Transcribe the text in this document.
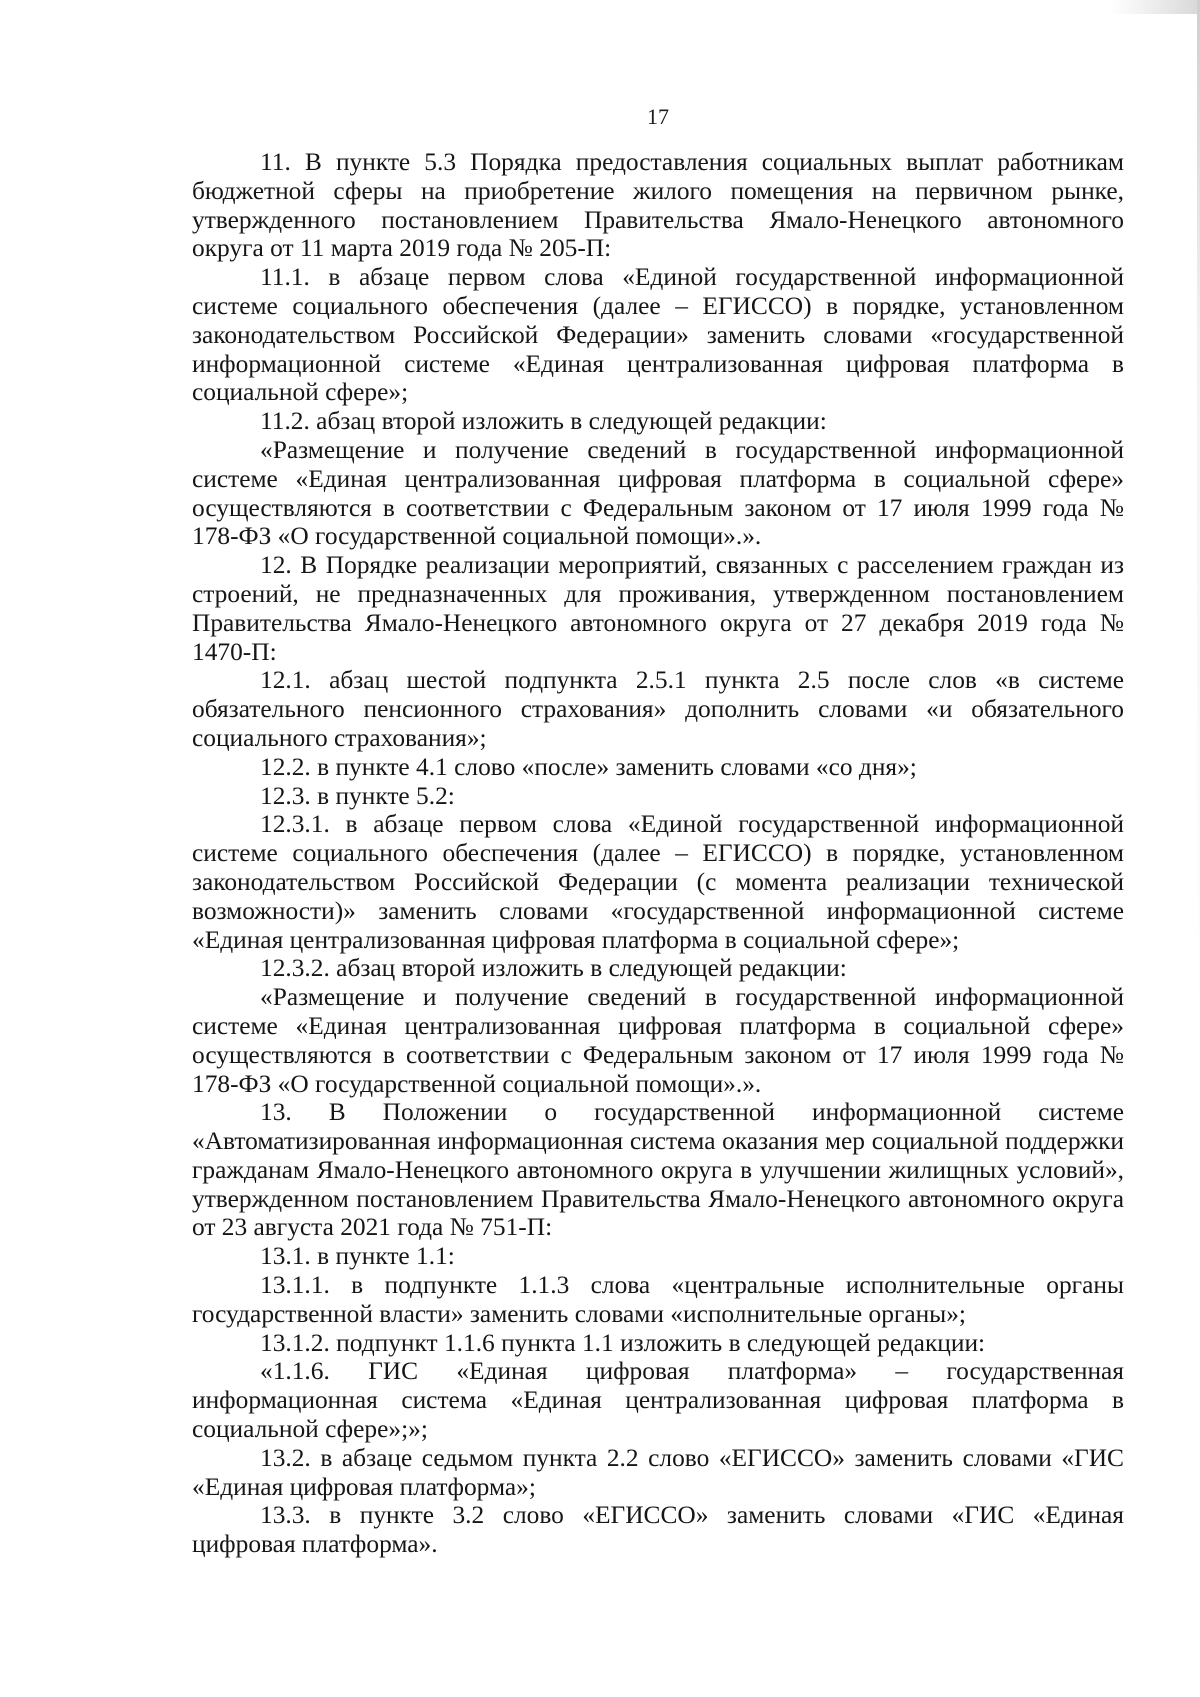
17

11. В пункте 5.3 Порядка предоставления социальных выплат работникам бюджетной сферы на приобретение жилого помещения на первичном рынке, утвержденного постановлением Правительства Ямало-Ненецкого автономного округа от 11 марта 2019 года № 205-П:

11.1. в абзаце первом слова «Единой государственной информационной системе социального обеспечения (далее – ЕГИССО) в порядке, установленном законодательством Российской Федерации» заменить словами «государственной информационной системе «Единая централизованная цифровая платформа в социальной сфере»;

11.2. абзац второй изложить в следующей редакции:

«Размещение и получение сведений в государственной информационной системе «Единая централизованная цифровая платформа в социальной сфере» осуществляются в соответствии с Федеральным законом от 17 июля 1999 года № 178-ФЗ «О государственной социальной помощи».».

12. В Порядке реализации мероприятий, связанных с расселением граждан из строений, не предназначенных для проживания, утвержденном постановлением Правительства Ямало-Ненецкого автономного округа от 27 декабря 2019 года № 1470-П:

12.1. абзац шестой подпункта 2.5.1 пункта 2.5 после слов «в системе обязательного пенсионного страхования» дополнить словами «и обязательного социального страхования»;

12.2. в пункте 4.1 слово «после» заменить словами «со дня»;

12.3. в пункте 5.2:

12.3.1. в абзаце первом слова «Единой государственной информационной системе социального обеспечения (далее – ЕГИССО) в порядке, установленном законодательством Российской Федерации (с момента реализации технической возможности)» заменить словами «государственной информационной системе «Единая централизованная цифровая платформа в социальной сфере»;

12.3.2. абзац второй изложить в следующей редакции:

«Размещение и получение сведений в государственной информационной системе «Единая централизованная цифровая платформа в социальной сфере» осуществляются в соответствии с Федеральным законом от 17 июля 1999 года № 178-ФЗ «О государственной социальной помощи».».

13. В Положении о государственной информационной системе «Автоматизированная информационная система оказания мер социальной поддержки гражданам Ямало-Ненецкого автономного округа в улучшении жилищных условий», утвержденном постановлением Правительства Ямало-Ненецкого автономного округа от 23 августа 2021 года № 751-П:

13.1. в пункте 1.1:

13.1.1. в подпункте 1.1.3 слова «центральные исполнительные органы государственной власти» заменить словами «исполнительные органы»;

13.1.2. подпункт 1.1.6 пункта 1.1 изложить в следующей редакции:

«1.1.6. ГИС «Единая цифровая платформа» – государственная информационная система «Единая централизованная цифровая платформа в социальной сфере»;»;

13.2. в абзаце седьмом пункта 2.2 слово «ЕГИССО» заменить словами «ГИС «Единая цифровая платформа»;

13.3. в пункте 3.2 слово «ЕГИССО» заменить словами «ГИС «Единая цифровая платформа».
